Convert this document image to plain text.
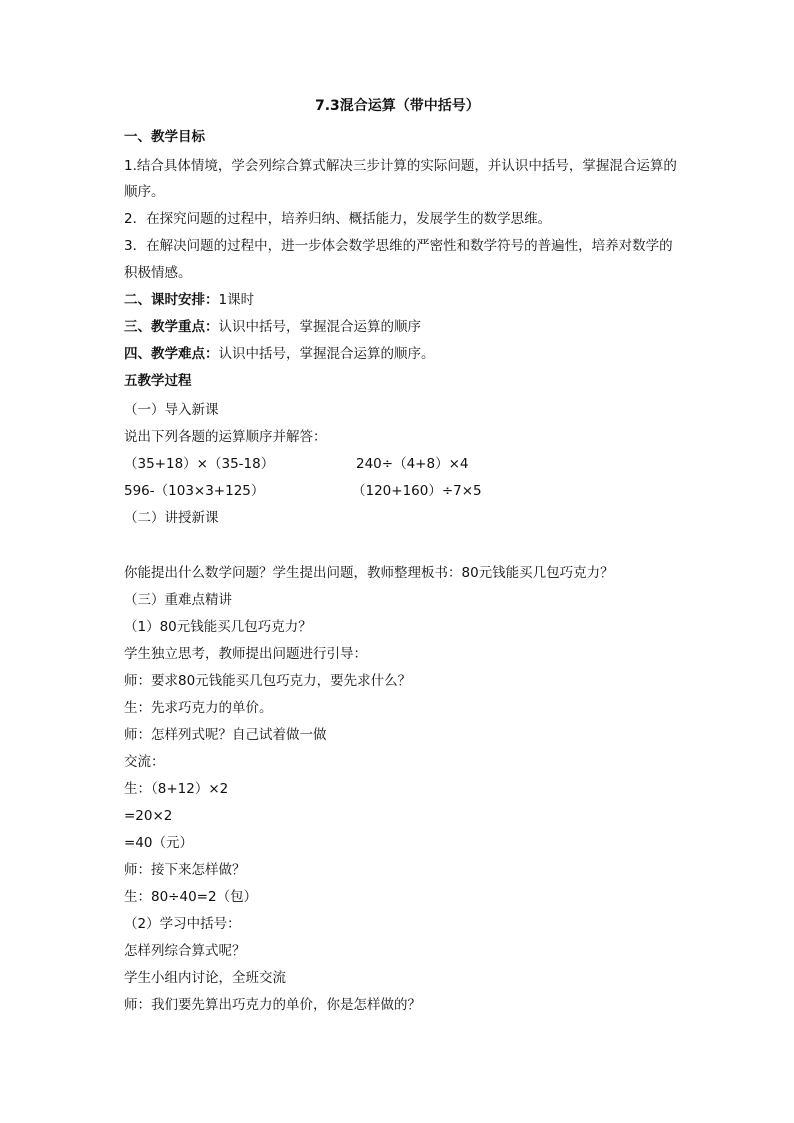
7.3混合运算（带中括号）
一、教学目标
1.结合具体情境，学会列综合算式解决三步计算的实际问题，并认识中括号，掌握混合运算的
顺序。
2．在探究问题的过程中，培养归纳、概括能力，发展学生的数学思维。
3．在解决问题的过程中，进一步体会数学思维的严密性和数学符号的普遍性，培养对数学的
积极情感。
二、课时安排：1课时
三、教学重点：认识中括号，掌握混合运算的顺序
四、教学难点：认识中括号，掌握混合运算的顺序。
五教学过程
（一）导入新课
说出下列各题的运算顺序并解答：
（35+18）×（35-18）	240÷（4+8）×4
596-（103×3+125）	（120+160）÷7×5
（二）讲授新课
你能提出什么数学问题？学生提出问题，教师整理板书：80元钱能买几包巧克力？
（三）重难点精讲
（1）80元钱能买几包巧克力？
学生独立思考，教师提出问题进行引导：
师：要求80元钱能买几包巧克力，要先求什么？
生：先求巧克力的单价。
师：怎样列式呢？自己试着做一做
交流：
生：（8+12）×2
=20×2
=40（元）
师：接下来怎样做？
生：80÷40=2（包）
（2）学习中括号：
怎样列综合算式呢？
学生小组内讨论，全班交流
师：我们要先算出巧克力的单价，你是怎样做的？
